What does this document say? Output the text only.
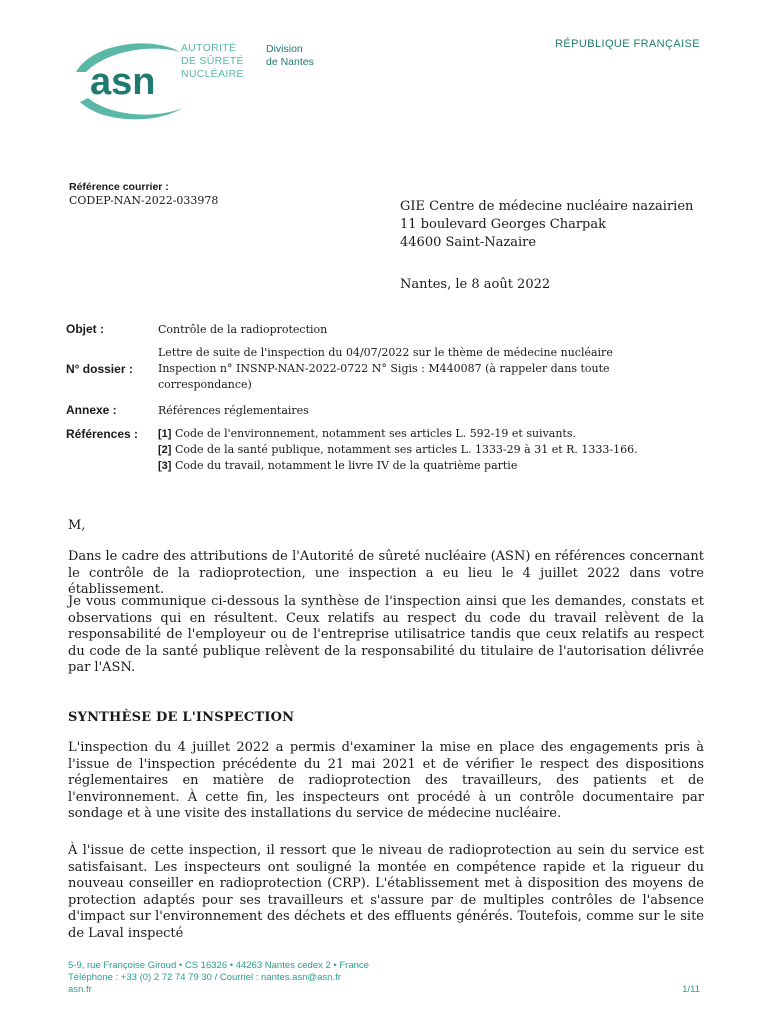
asn
AUTORITÉ
DE SÛRETÉ
NUCLÉAIRE
Division
de Nantes
RÉPUBLIQUE FRANÇAISE
Référence courrier :
CODEP-NAN-2022-033978	GIE Centre de médecine nucléaire nazairien
11 boulevard Georges Charpak
44600 Saint-Nazaire
Nantes, le 8 août 2022
Objet :	Contrôle de la radioprotection
N° dossier :
Lettre de suite de l'inspection du 04/07/2022 sur le thème de médecine nucléaire
Inspection n° INSNP-NAN-2022-0722 N° Sigis : M440087 (à rappeler dans toute
correspondance)
Annexe :	Références réglementaires
Références : [1] Code de l'environnement, notamment ses articles L. 592-19 et suivants.
[2] Code de la santé publique, notamment ses articles L. 1333-29 à 31 et R. 1333-166.
[3] Code du travail, notamment le livre IV de la quatrième partie
M,
Dans le cadre des attributions de l'Autorité de sûreté nucléaire (ASN) en références concernant le contrôle de la radioprotection, une inspection a eu lieu le 4 juillet 2022 dans votre établissement.
Je vous communique ci-dessous la synthèse de l'inspection ainsi que les demandes, constats et observations qui en résultent. Ceux relatifs au respect du code du travail relèvent de la responsabilité de l'employeur ou de l'entreprise utilisatrice tandis que ceux relatifs au respect du code de la santé publique relèvent de la responsabilité du titulaire de l'autorisation délivrée par l'ASN.
SYNTHÈSE DE L'INSPECTION
L'inspection du 4 juillet 2022 a permis d'examiner la mise en place des engagements pris à l'issue de l'inspection précédente du 21 mai 2021 et de vérifier le respect des dispositions réglementaires en matière de radioprotection des travailleurs, des patients et de l'environnement. À cette fin, les inspecteurs ont procédé à un contrôle documentaire par sondage et à une visite des installations du service de médecine nucléaire.
À l'issue de cette inspection, il ressort que le niveau de radioprotection au sein du service est satisfaisant. Les inspecteurs ont souligné la montée en compétence rapide et la rigueur du nouveau conseiller en radioprotection (CRP). L'établissement met à disposition des moyens de protection adaptés pour ses travailleurs et s'assure par de multiples contrôles de l'absence d'impact sur l'environnement des déchets et des effluents générés. Toutefois, comme sur le site de Laval inspecté
5-9, rue Françoise Giroud • CS 16326 • 44263 Nantes cedex 2 • France
Téléphone : +33 (0) 2 72 74 79 30 / Courriel : nantes.asn@asn.fr
asn.fr	1/11
